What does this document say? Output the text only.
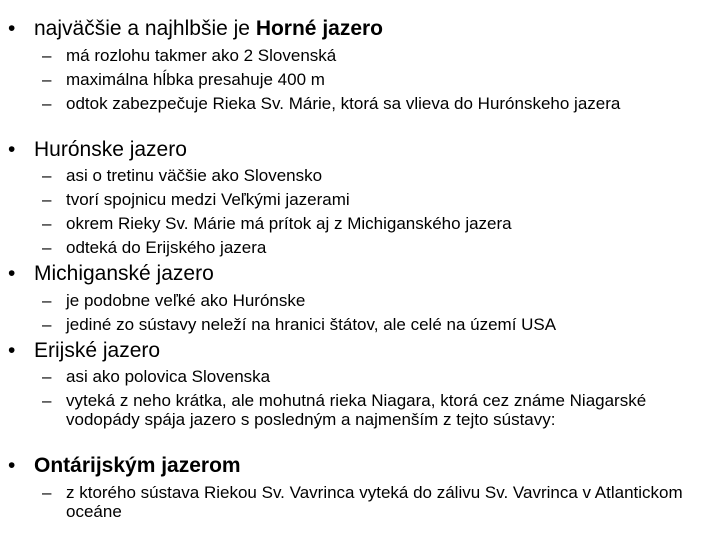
• najväčšie a najhlbšie je Horné jazero
– má rozlohu takmer ako 2 Slovenská
– maximálna hĺbka presahuje 400 m
– odtok zabezpečuje Rieka Sv. Márie, ktorá sa vlieva do Hurónskeho jazera
• Hurónske jazero
– asi o tretinu väčšie ako Slovensko
– tvorí spojnicu medzi Veľkými jazerami
– okrem Rieky Sv. Márie má prítok aj z Michiganského jazera
– odteká do Erijského jazera
• Michiganské jazero
– je podobne veľké ako Hurónske
– jediné zo sústavy neleží na hranici štátov, ale celé na území USA
• Erijské jazero
– asi ako polovica Slovenska
– vyteká z neho krátka, ale mohutná rieka Niagara, ktorá cez známe Niagarské vodopády spája jazero s posledným a najmenším z tejto sústavy:
• Ontárijským jazerom
– z ktorého sústava Riekou Sv. Vavrinca vyteká do zálivu Sv. Vavrinca v Atlantickom oceáne
